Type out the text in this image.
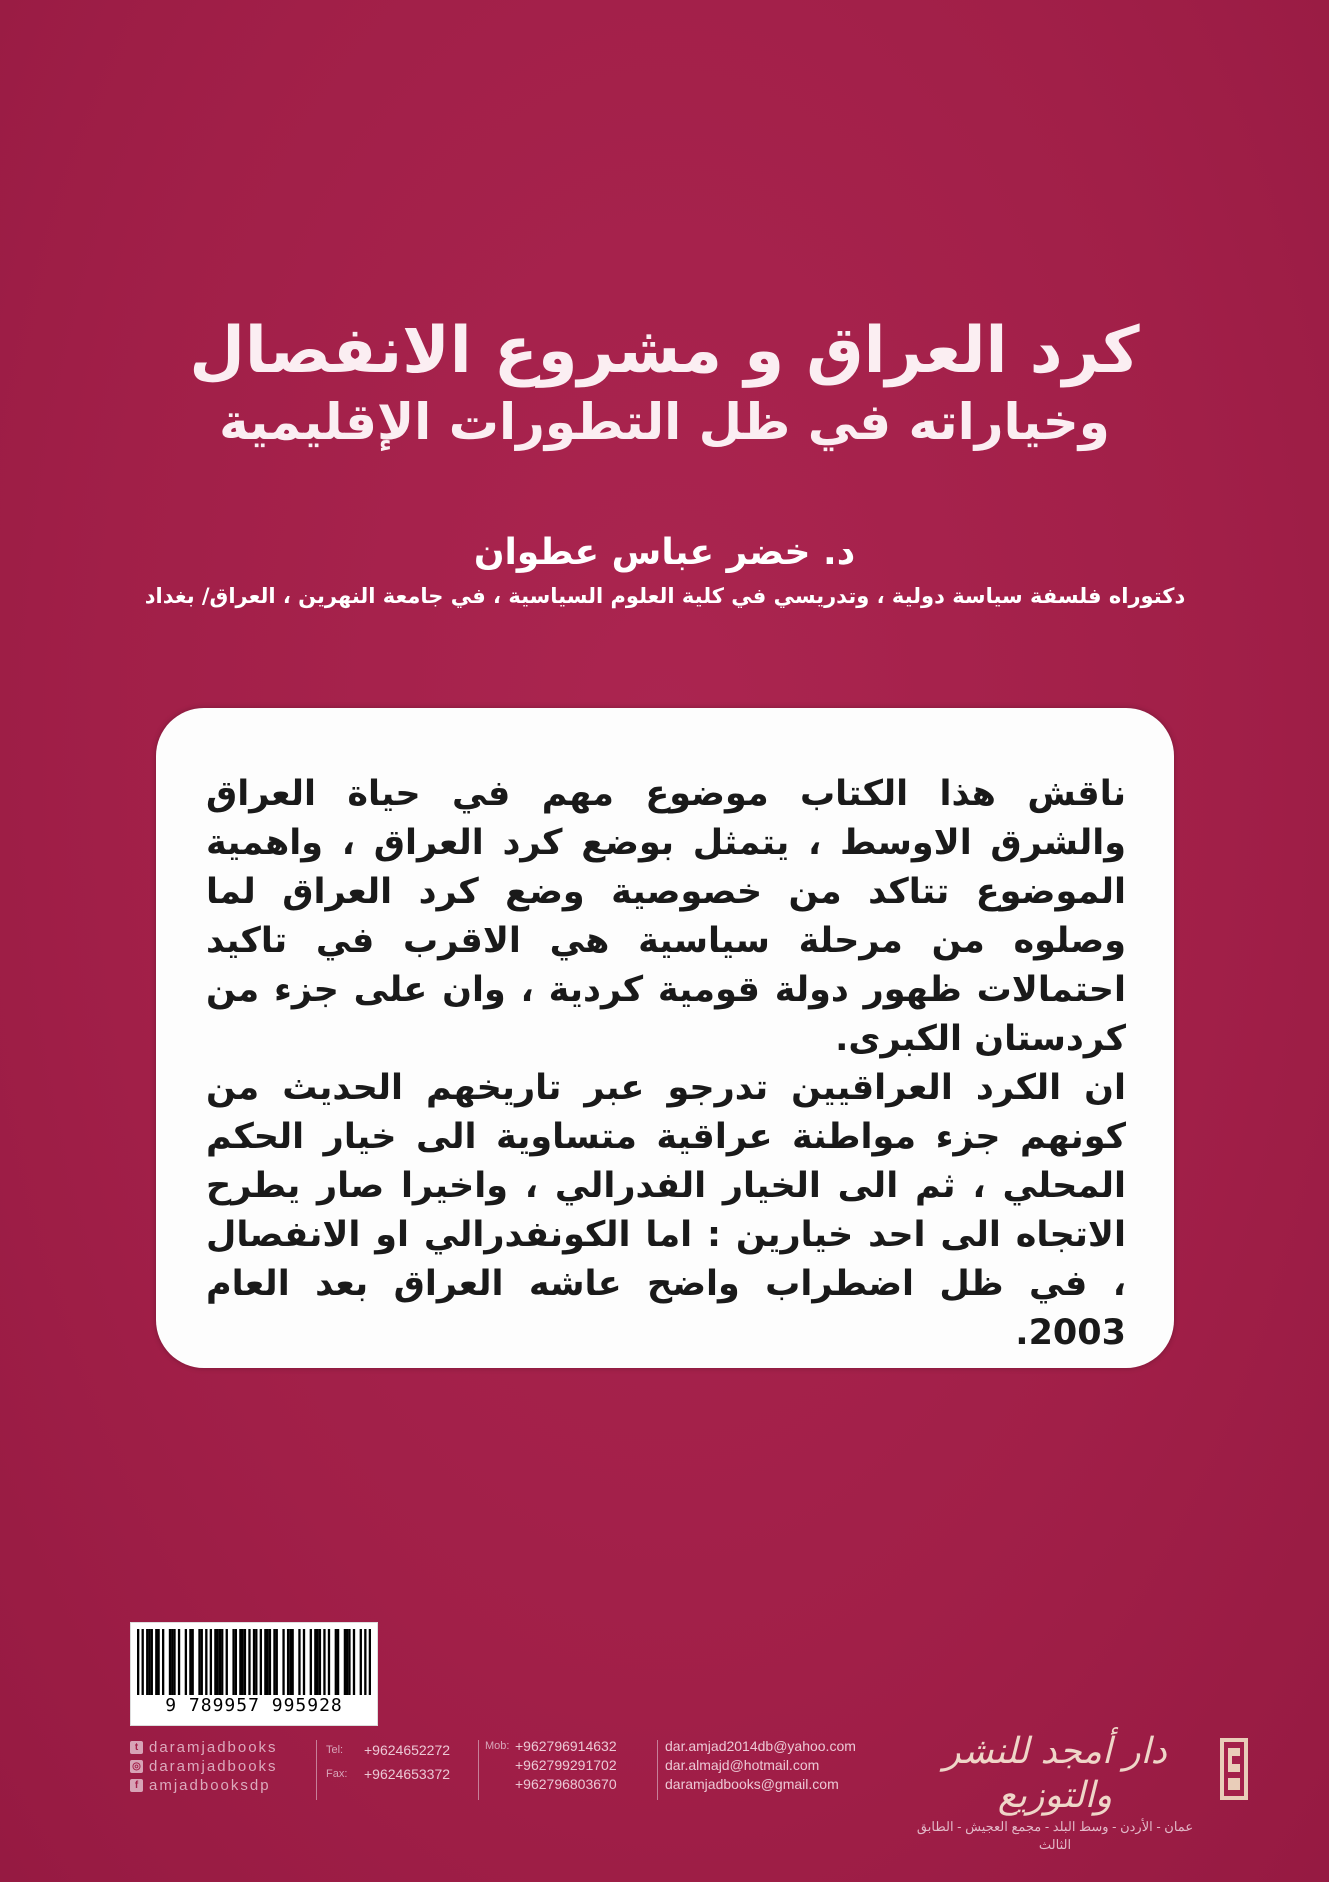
كرد العراق و مشروع الانفصال
وخياراته في ظل التطورات الإقليمية
د. خضر عباس عطوان
دكتوراه فلسفة سياسة دولية ، وتدريسي في كلية العلوم السياسية ، في جامعة النهرين ، العراق/ بغداد

ناقش هذا الكتاب موضوع مهم في حياة العراق والشرق الاوسط ، يتمثل بوضع كرد العراق ، واهمية الموضوع تتاكد من خصوصية وضع كرد العراق لما وصلوه من مرحلة سياسية هي الاقرب في تاكيد احتمالات ظهور دولة قومية كردية ، وان على جزء من كردستان الكبرى.

ان الكرد العراقيين تدرجو عبر تاريخهم الحديث من كونهم جزء مواطنة عراقية متساوية الى خيار الحكم المحلي ، ثم الى الخيار الفدرالي ، واخيرا صار يطرح الاتجاه الى احد خيارين : اما الكونفدرالي او الانفصال ، في ظل اضطراب واضح عاشه العراق بعد العام 2003.

9 789957 995928
t daramjadbooks
◎ daramjadbooks
f amjadbooksdp
Tel:	+9624652272
Fax:	+9624653372
Mob: +962796914632
+962799291702
+962796803670
dar.amjad2014db@yahoo.com
dar.almajd@hotmail.com
daramjadbooks@gmail.com
دار أمجد للنشر والتوزيع
عمان - الأردن - وسط البلد - مجمع العجيش - الطابق الثالث
